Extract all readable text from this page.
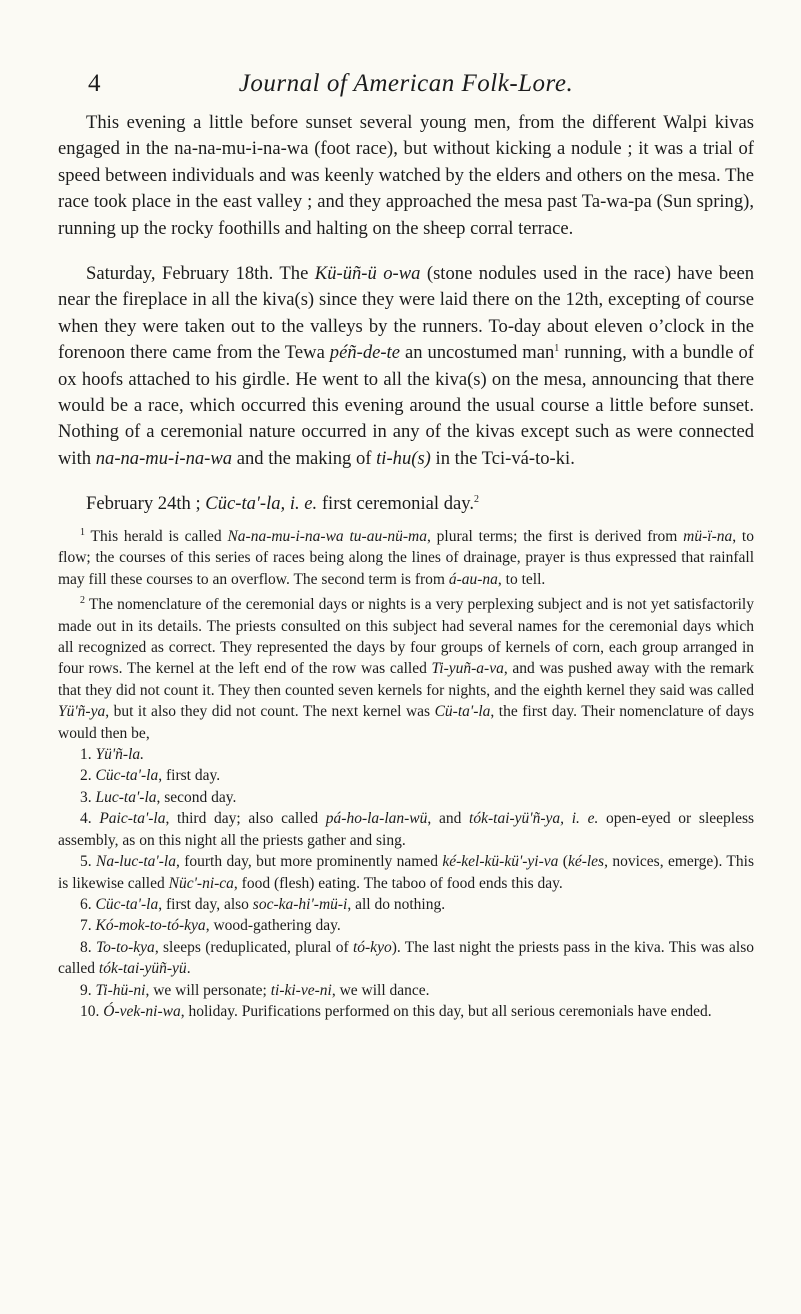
4	Journal of American Folk-Lore.

This evening a little before sunset several young men, from the different Walpi kivas engaged in the na-na-mu-i-na-wa (foot race), but without kicking a nodule ; it was a trial of speed between individuals and was keenly watched by the elders and others on the mesa. The race took place in the east valley ; and they approached the mesa past Ta-wa-pa (Sun spring), running up the rocky foothills and halting on the sheep corral terrace.

Saturday, February 18th. The Kü-üñ-ü o-wa (stone nodules used in the race) have been near the fireplace in all the kiva(s) since they were laid there on the 12th, excepting of course when they were taken out to the valleys by the runners. To-day about eleven o’clock in the forenoon there came from the Tewa péñ-de-te an uncostumed man$^1$ running, with a bundle of ox hoofs attached to his girdle. He went to all the kiva(s) on the mesa, announcing that there would be a race, which occurred this evening around the usual course a little before sunset. Nothing of a ceremonial nature occurred in any of the kivas except such as were connected with na-na-mu-i-na-wa and the making of ti-hu(s) in the Tci-vá-to-ki.

February 24th ; Cüc-ta'-la, i. e. first ceremonial day.$^2$

$^1$ This herald is called Na-na-mu-i-na-wa tu-au-nü-ma, plural terms; the first is derived from mü-ï-na, to flow; the courses of this series of races being along the lines of drainage, prayer is thus expressed that rainfall may fill these courses to an overflow. The second term is from á-au-na, to tell.

$^2$ The nomenclature of the ceremonial days or nights is a very perplexing subject and is not yet satisfactorily made out in its details. The priests consulted on this subject had several names for the ceremonial days which all recognized as correct. They represented the days by four groups of kernels of corn, each group arranged in four rows. The kernel at the left end of the row was called Ti-yuñ-a-va, and was pushed away with the remark that they did not count it. They then counted seven kernels for nights, and the eighth kernel they said was called Yü'ñ-ya, but it also they did not count. The next kernel was Cü-ta'-la, the first day. Their nomenclature of days would then be,

1. Yü'ñ-la.

2. Cüc-ta'-la, first day.

3. Luc-ta'-la, second day.

4. Paic-ta'-la, third day; also called pá-ho-la-lan-wü, and tók-tai-yü'ñ-ya, i. e. open-eyed or sleepless assembly, as on this night all the priests gather and sing.

5. Na-luc-ta'-la, fourth day, but more prominently named ké-kel-kü-kü'-yi-va (ké-les, novices, emerge). This is likewise called Nüc'-ni-ca, food (flesh) eating. The taboo of food ends this day.

6. Cüc-ta'-la, first day, also soc-ka-hi'-mü-i, all do nothing.

7. Kó-mok-to-tó-kya, wood-gathering day.

8. To-to-kya, sleeps (reduplicated, plural of tó-kyo). The last night the priests pass in the kiva. This was also called tók-tai-yüñ-yü.

9. Ti-hü-ni, we will personate; ti-ki-ve-ni, we will dance.

10. Ó-vek-ni-wa, holiday. Purifications performed on this day, but all serious ceremonials have ended.
